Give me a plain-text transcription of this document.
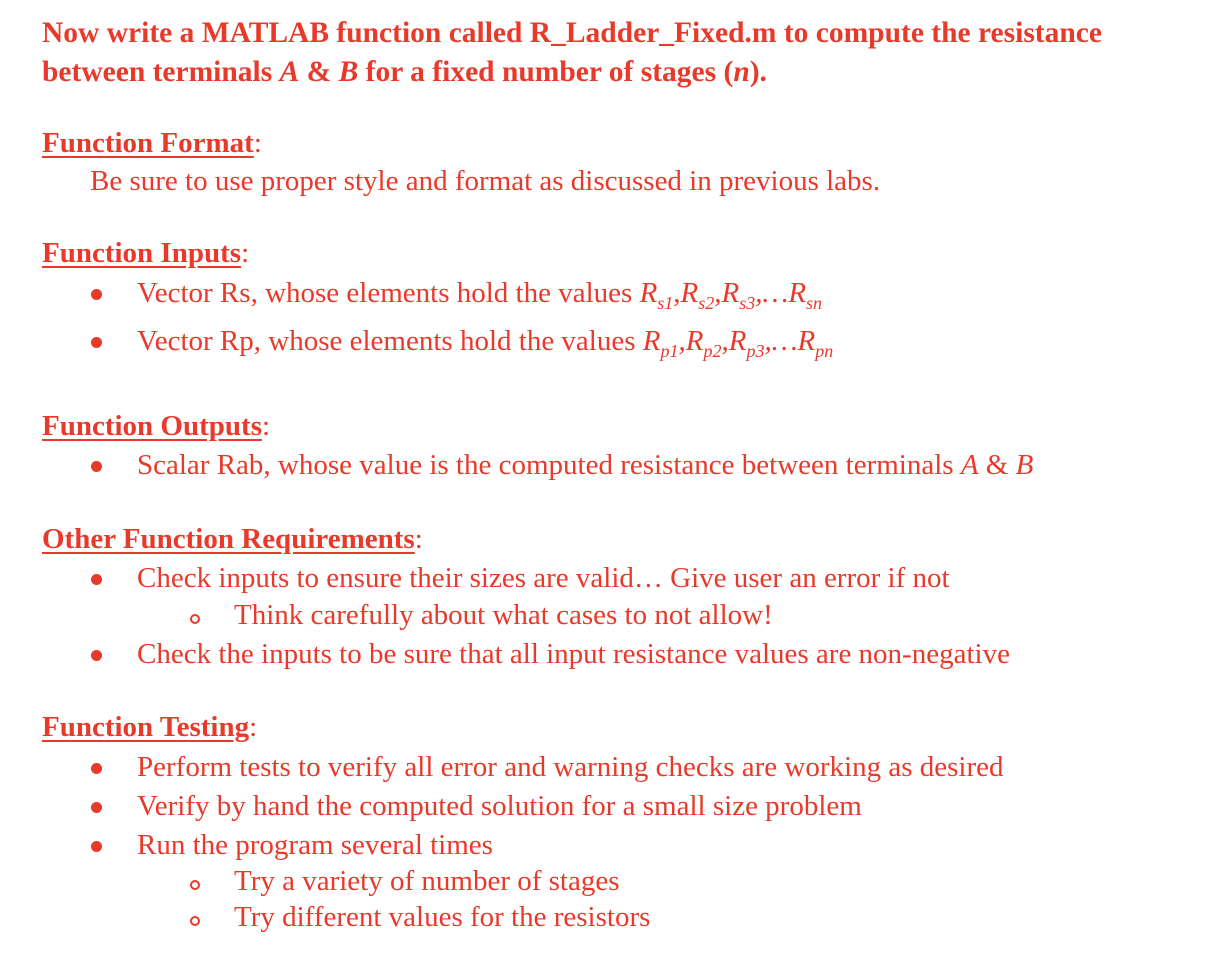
Now write a MATLAB function called R_Ladder_Fixed.m to compute the resistance
between terminals A & B for a fixed number of stages (n).
Function Format:
Be sure to use proper style and format as discussed in previous labs.
Function Inputs:
Vector Rs, whose elements hold the values $R_{s1},R_{s2},R_{s3},\dots R_{sn}$
Vector Rp, whose elements hold the values $R_{p1},R_{p2},R_{p3},\dots R_{pn}$
Function Outputs:
Scalar Rab, whose value is the computed resistance between terminals A & B
Other Function Requirements:
Check inputs to ensure their sizes are valid… Give user an error if not
Think carefully about what cases to not allow!
Check the inputs to be sure that all input resistance values are non-negative
Function Testing:
Perform tests to verify all error and warning checks are working as desired
Verify by hand the computed solution for a small size problem
Run the program several times
Try a variety of number of stages
Try different values for the resistors
